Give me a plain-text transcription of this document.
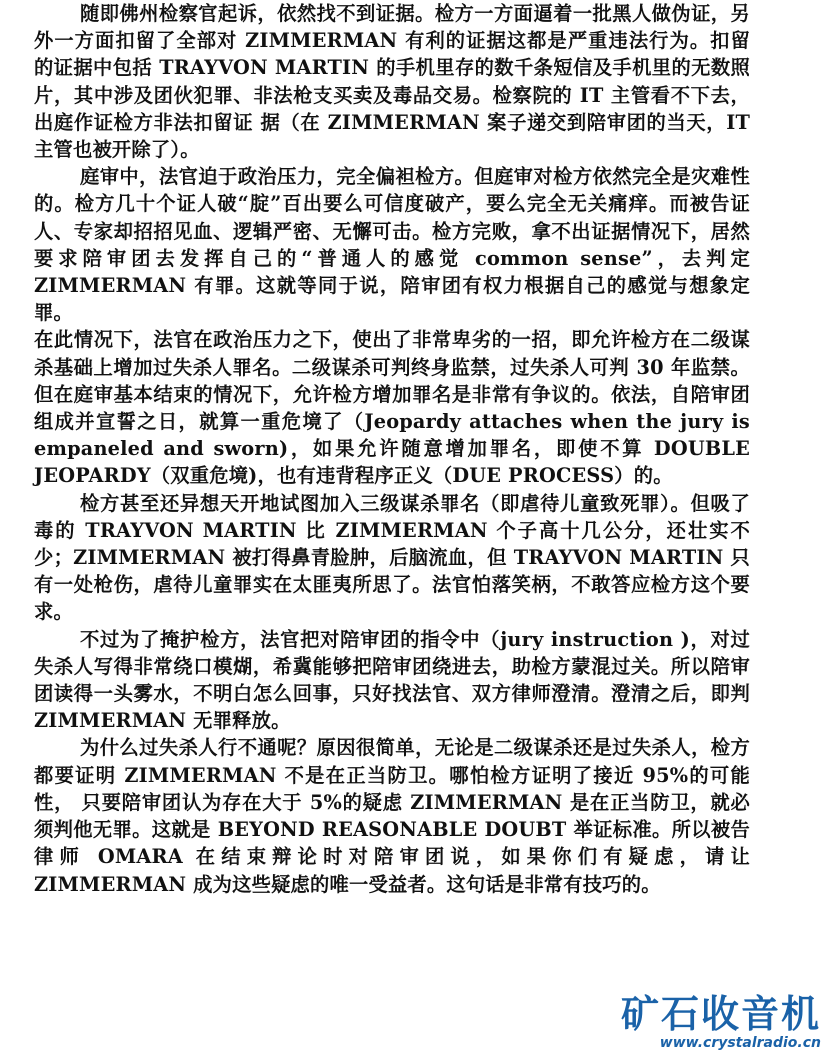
随即佛州检察官起诉，依然找不到证据。检方一方面逼着一批黑人做伪证，另外一方面扣留了全部对 ZIMMERMAN 有利的证据这都是严重违法行为。扣留 的证据中包括 TRAYVON MARTIN 的手机里存的数千条短信及手机里的无数照片，其中涉及团伙犯罪、非法枪支买卖及毒品交易。检察院的 IT 主管看不下去，出庭作证检方非法扣留证 据（在 ZIMMERMAN 案子递交到陪审团的当天，IT 主管也被开除了）。

庭审中，法官迫于政治压力，完全偏袒检方。但庭审对检方依然完全是灾难性的。检方几十个证人破“腚”百出要么可信度破产，要么完全无关痛痒。而被告证 人、专家却招招见血、逻辑严密、无懈可击。检方完败，拿不出证据情况下，居然要求陪审团去发挥自己的“普通人的感觉 common sense”，去判定 ZIMMERMAN 有罪。这就等同于说，陪审团有权力根据自己的感觉与想象定罪。

在此情况下，法官在政治压力之下，使出了非常卑劣的一招，即允许检方在二级谋杀基础上增加过失杀人罪名。二级谋杀可判终身监禁，过失杀人可判 30 年监禁。 但在庭审基本结束的情况下，允许检方增加罪名是非常有争议的。依法，自陪审团组成并宣誓之日，就算一重危境了（Jeopardy attaches when the jury is empaneled and sworn)，如果允许随意增加罪名，即使不算 DOUBLE JEOPARDY（双重危境)，也有违背程序正义（DUE PROCESS）的。

检方甚至还异想天开地试图加入三级谋杀罪名（即虐待儿童致死罪）。但吸了毒的 TRAYVON MARTIN 比 ZIMMERMAN 个子高十几公分，还壮实不少；ZIMMERMAN 被打得鼻青脸肿，后脑流血，但 TRAYVON MARTIN 只有一处枪伤，虐待儿童罪实在太匪夷所思了。法官怕落笑柄，不敢答应检方这个要求。

不过为了掩护检方，法官把对陪审团的指令中（jury instruction )，对过失杀人写得非常绕口模煳，希冀能够把陪审团绕进去，助检方蒙混过关。所以陪审团读得一头雾水，不明白怎么回事，只好找法官、双方律师澄清。澄清之后，即判 ZIMMERMAN 无罪释放。

为什么过失杀人行不通呢？原因很简单，无论是二级谋杀还是过失杀人，检方都要证明 ZIMMERMAN 不是在正当防卫。哪怕检方证明了接近 95%的可能性， 只要陪审团认为存在大于 5%的疑虑 ZIMMERMAN 是在正当防卫，就必须判他无罪。这就是 BEYOND REASONABLE DOUBT 举证标准。所以被告律师 OMARA 在结束辩论时对陪审团说，如果你们有疑虑，请让 ZIMMERMAN 成为这些疑虑的唯一受益者。这句话是非常有技巧的。

矿石收音机
www.crystalradio.cn
